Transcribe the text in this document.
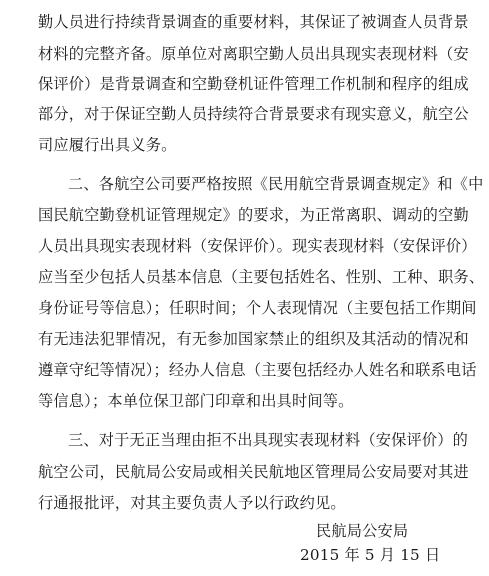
勤人员进行持续背景调查的重要材料，其保证了被调查人员背景
材料的完整齐备。原单位对离职空勤人员出具现实表现材料（安
保评价）是背景调查和空勤登机证件管理工作机制和程序的组成
部分，对于保证空勤人员持续符合背景要求有现实意义，航空公
司应履行出具义务。
二、各航空公司要严格按照《民用航空背景调查规定》和《中
国民航空勤登机证管理规定》的要求，为正常离职、调动的空勤
人员出具现实表现材料（安保评价）。现实表现材料（安保评价）
应当至少包括人员基本信息（主要包括姓名、性别、工种、职务、
身份证号等信息）；任职时间；个人表现情况（主要包括工作期间
有无违法犯罪情况，有无参加国家禁止的组织及其活动的情况和
遵章守纪等情况）；经办人信息（主要包括经办人姓名和联系电话
等信息）；本单位保卫部门印章和出具时间等。
三、对于无正当理由拒不出具现实表现材料（安保评价）的
航空公司，民航局公安局或相关民航地区管理局公安局要对其进
行通报批评，对其主要负责人予以行政约见。
民航局公安局
2015 年 5 月 15 日
